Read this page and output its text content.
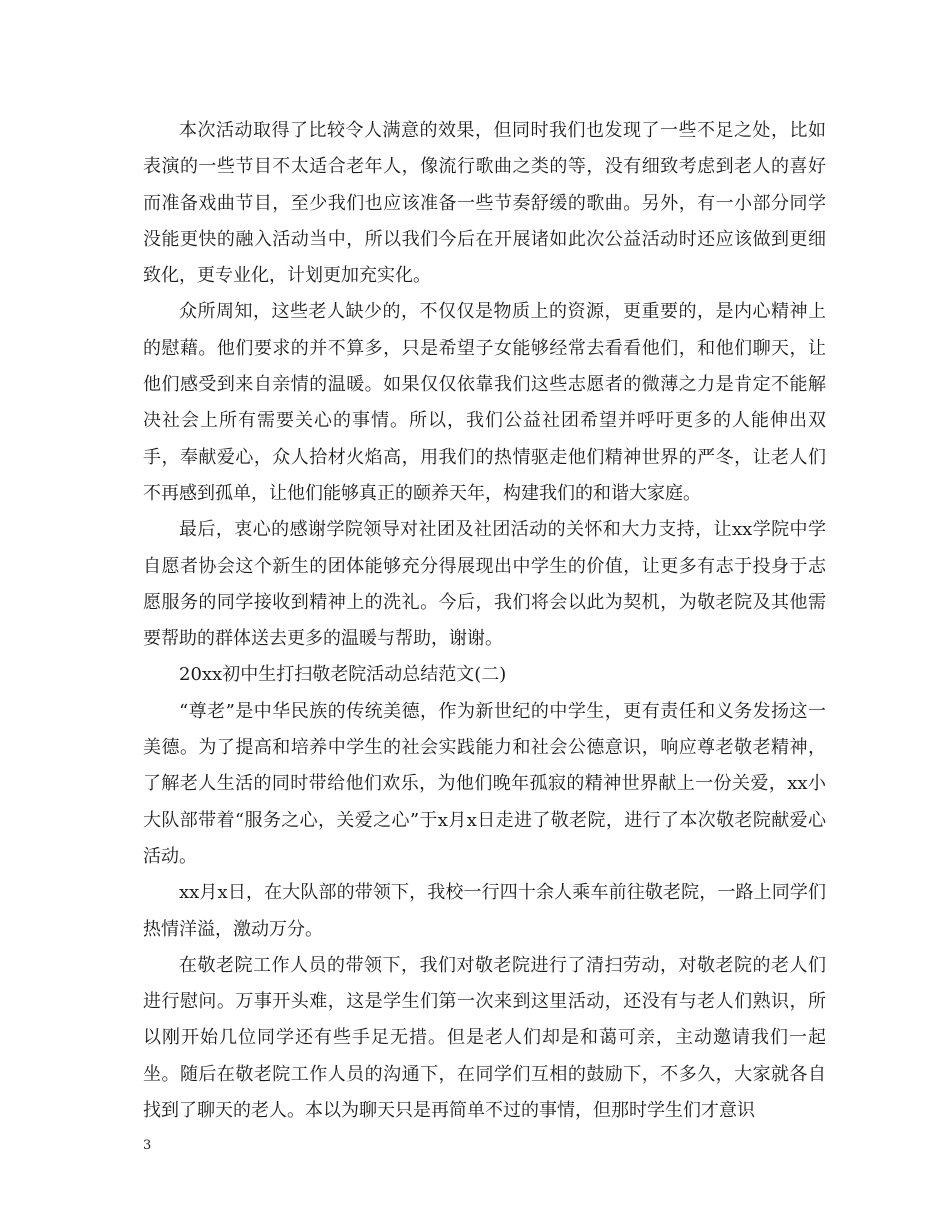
本次活动取得了比较令人满意的效果，但同时我们也发现了一些不足之处，比如表演的一些节目不太适合老年人，像流行歌曲之类的等，没有细致考虑到老人的喜好而准备戏曲节目，至少我们也应该准备一些节奏舒缓的歌曲。另外，有一小部分同学没能更快的融入活动当中，所以我们今后在开展诸如此次公益活动时还应该做到更细致化，更专业化，计划更加充实化。

众所周知，这些老人缺少的，不仅仅是物质上的资源，更重要的，是内心精神上的慰藉。他们要求的并不算多，只是希望子女能够经常去看看他们，和他们聊天，让他们感受到来自亲情的温暖。如果仅仅依靠我们这些志愿者的微薄之力是肯定不能解决社会上所有需要关心的事情。所以，我们公益社团希望并呼吁更多的人能伸出双手，奉献爱心，众人拾材火焰高，用我们的热情驱走他们精神世界的严冬，让老人们不再感到孤单，让他们能够真正的颐养天年，构建我们的和谐大家庭。

最后，衷心的感谢学院领导对社团及社团活动的关怀和大力支持，让xx学院中学自愿者协会这个新生的团体能够充分得展现出中学生的价值，让更多有志于投身于志愿服务的同学接收到精神上的洗礼。今后，我们将会以此为契机，为敬老院及其他需要帮助的群体送去更多的温暖与帮助，谢谢。

20xx初中生打扫敬老院活动总结范文(二)

“尊老”是中华民族的传统美德，作为新世纪的中学生，更有责任和义务发扬这一美德。为了提高和培养中学生的社会实践能力和社会公德意识，响应尊老敬老精神，了解老人生活的同时带给他们欢乐，为他们晚年孤寂的精神世界献上一份关爱，xx小大队部带着“服务之心，关爱之心”于x月x日走进了敬老院，进行了本次敬老院献爱心活动。

xx月x日，在大队部的带领下，我校一行四十余人乘车前往敬老院，一路上同学们热情洋溢，激动万分。

在敬老院工作人员的带领下，我们对敬老院进行了清扫劳动，对敬老院的老人们进行慰问。万事开头难，这是学生们第一次来到这里活动，还没有与老人们熟识，所以刚开始几位同学还有些手足无措。但是老人们却是和蔼可亲，主动邀请我们一起坐。随后在敬老院工作人员的沟通下，在同学们互相的鼓励下，不多久，大家就各自找到了聊天的老人。本以为聊天只是再简单不过的事情，但那时学生们才意识

3
